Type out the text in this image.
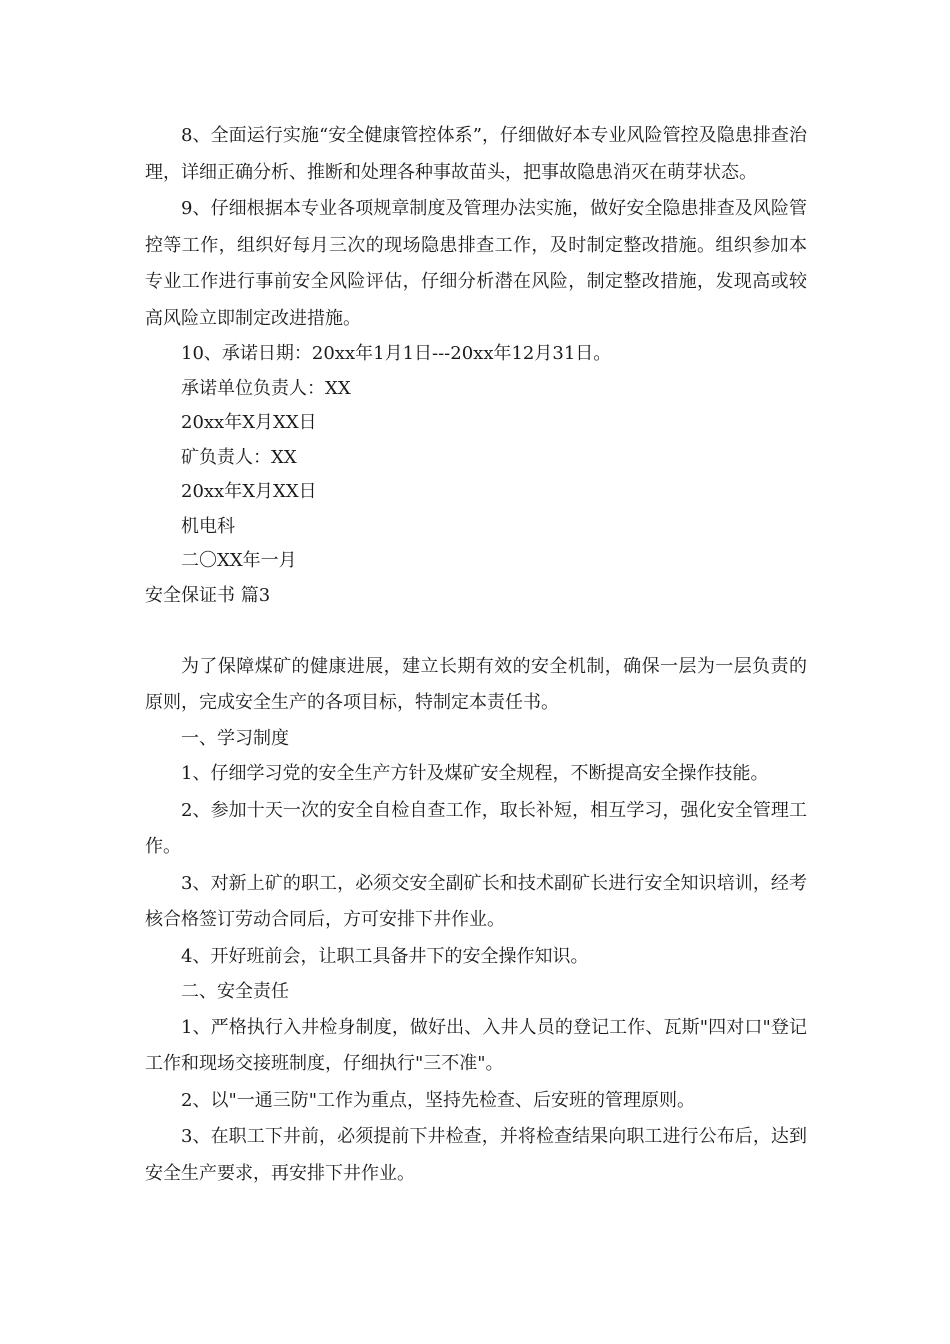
8、全面运行实施“安全健康管控体系”，仔细做好本专业风险管控及隐患排查治理，详细正确分析、推断和处理各种事故苗头，把事故隐患消灭在萌芽状态。

9、仔细根据本专业各项规章制度及管理办法实施，做好安全隐患排查及风险管控等工作，组织好每月三次的现场隐患排查工作，及时制定整改措施。组织参加本专业工作进行事前安全风险评估，仔细分析潜在风险，制定整改措施，发现高或较高风险立即制定改进措施。

10、承诺日期：20xx年1月1日---20xx年12月31日。

承诺单位负责人：XX

20xx年X月XX日

矿负责人：XX

20xx年X月XX日

机电科

二〇XX年一月

安全保证书 篇3

为了保障煤矿的健康进展，建立长期有效的安全机制，确保一层为一层负责的原则，完成安全生产的各项目标，特制定本责任书。

一、学习制度

1、仔细学习党的安全生产方针及煤矿安全规程，不断提高安全操作技能。

2、参加十天一次的安全自检自查工作，取长补短，相互学习，强化安全管理工作。

3、对新上矿的职工，必须交安全副矿长和技术副矿长进行安全知识培训，经考核合格签订劳动合同后，方可安排下井作业。

4、开好班前会，让职工具备井下的安全操作知识。

二、安全责任

1、严格执行入井检身制度，做好出、入井人员的登记工作、瓦斯"四对口"登记工作和现场交接班制度，仔细执行"三不准"。

2、以"一通三防"工作为重点，坚持先检查、后安班的管理原则。

3、在职工下井前，必须提前下井检查，并将检查结果向职工进行公布后，达到安全生产要求，再安排下井作业。
